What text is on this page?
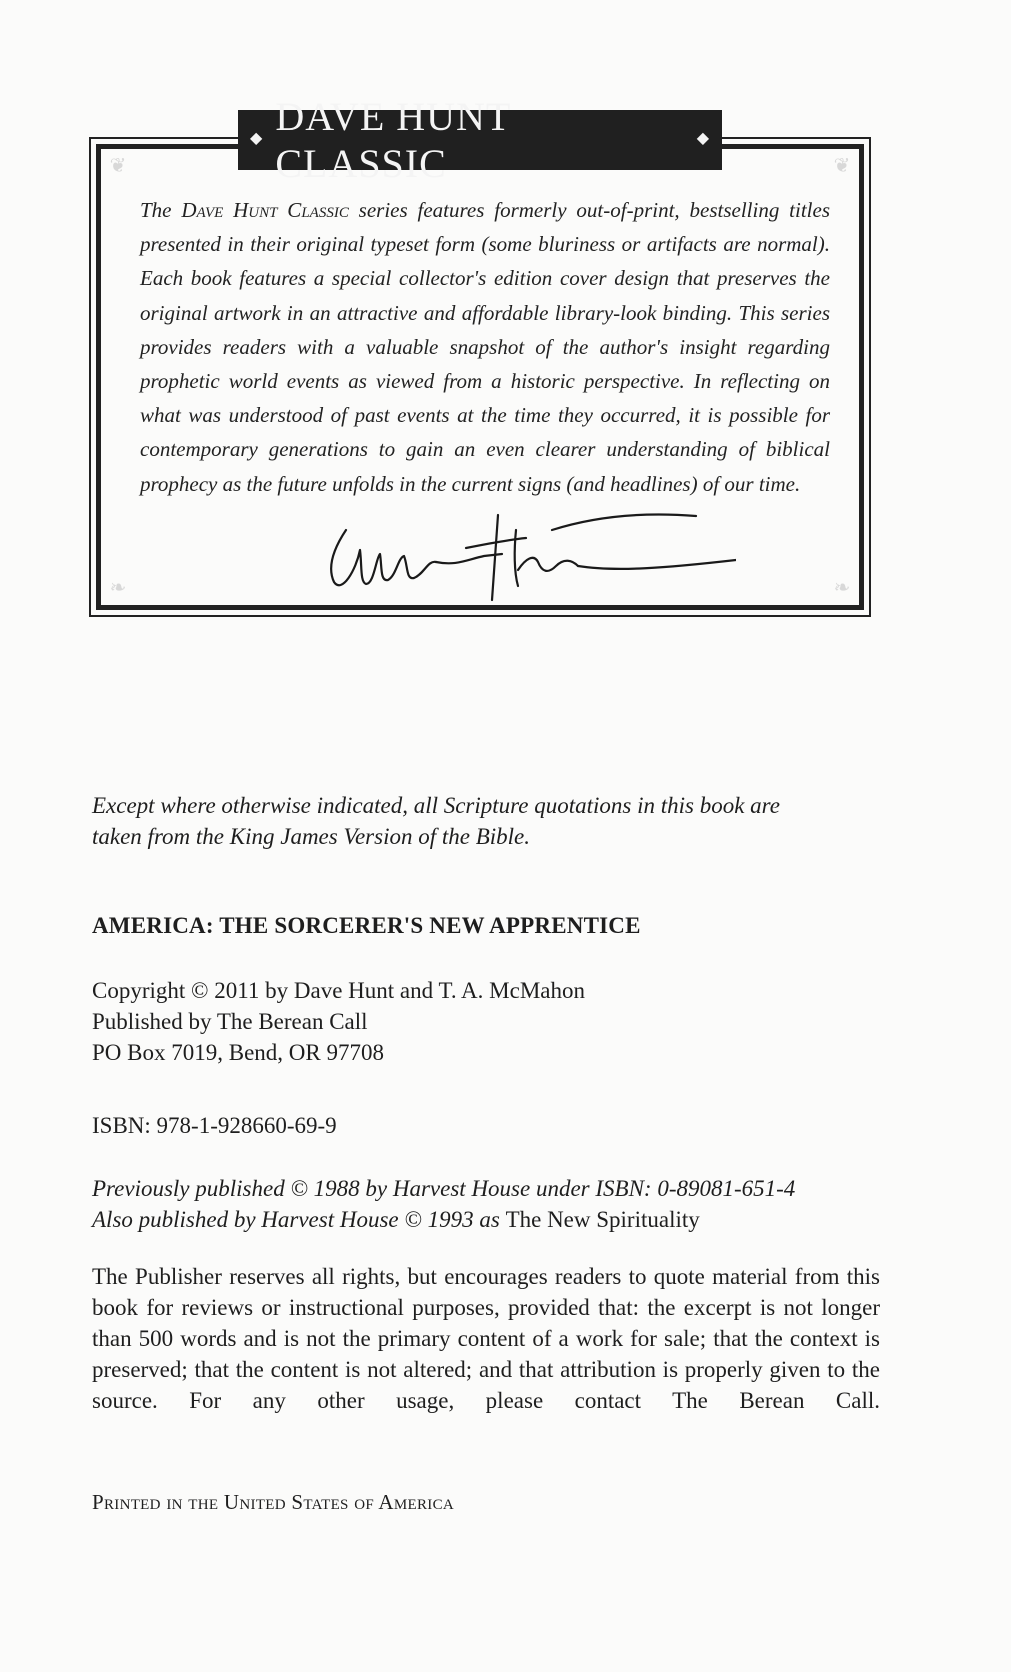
❧	❧
❦	❦
◆ DAVE HUNT CLASSIC
◆
The Dave Hunt Classic series features formerly out-of-print, bestselling titles presented in their original typeset form (some bluriness or artifacts are normal). Each book features a special collector's edition cover design that preserves the original artwork in an attractive and affordable library-look binding. This series provides readers with a valuable snapshot of the author's insight regarding prophetic world events as viewed from a historic perspective. In reflecting on what was understood of past events at the time they occurred, it is possible for contemporary generations to gain an even clearer understanding of biblical prophecy as the future unfolds in the current signs (and headlines) of our time.
Except where otherwise indicated, all Scripture quotations in this book are
taken from the King James Version of the Bible.
AMERICA: THE SORCERER'S NEW APPRENTICE
Copyright © 2011 by Dave Hunt and T. A. McMahon
Published by The Berean Call
PO Box 7019, Bend, OR 97708
ISBN: 978-1-928660-69-9
Previously published © 1988 by Harvest House under ISBN: 0-89081-651-4
Also published by Harvest House © 1993 as The New Spirituality
The Publisher reserves all rights, but encourages readers to quote material from this book for reviews or instructional purposes, provided that: the excerpt is not longer than 500 words and is not the primary content of a work for sale; that the context is preserved; that the content is not altered; and that attribution is properly given to the source. For any other usage, please contact The Berean Call.
Printed in the United States of America
